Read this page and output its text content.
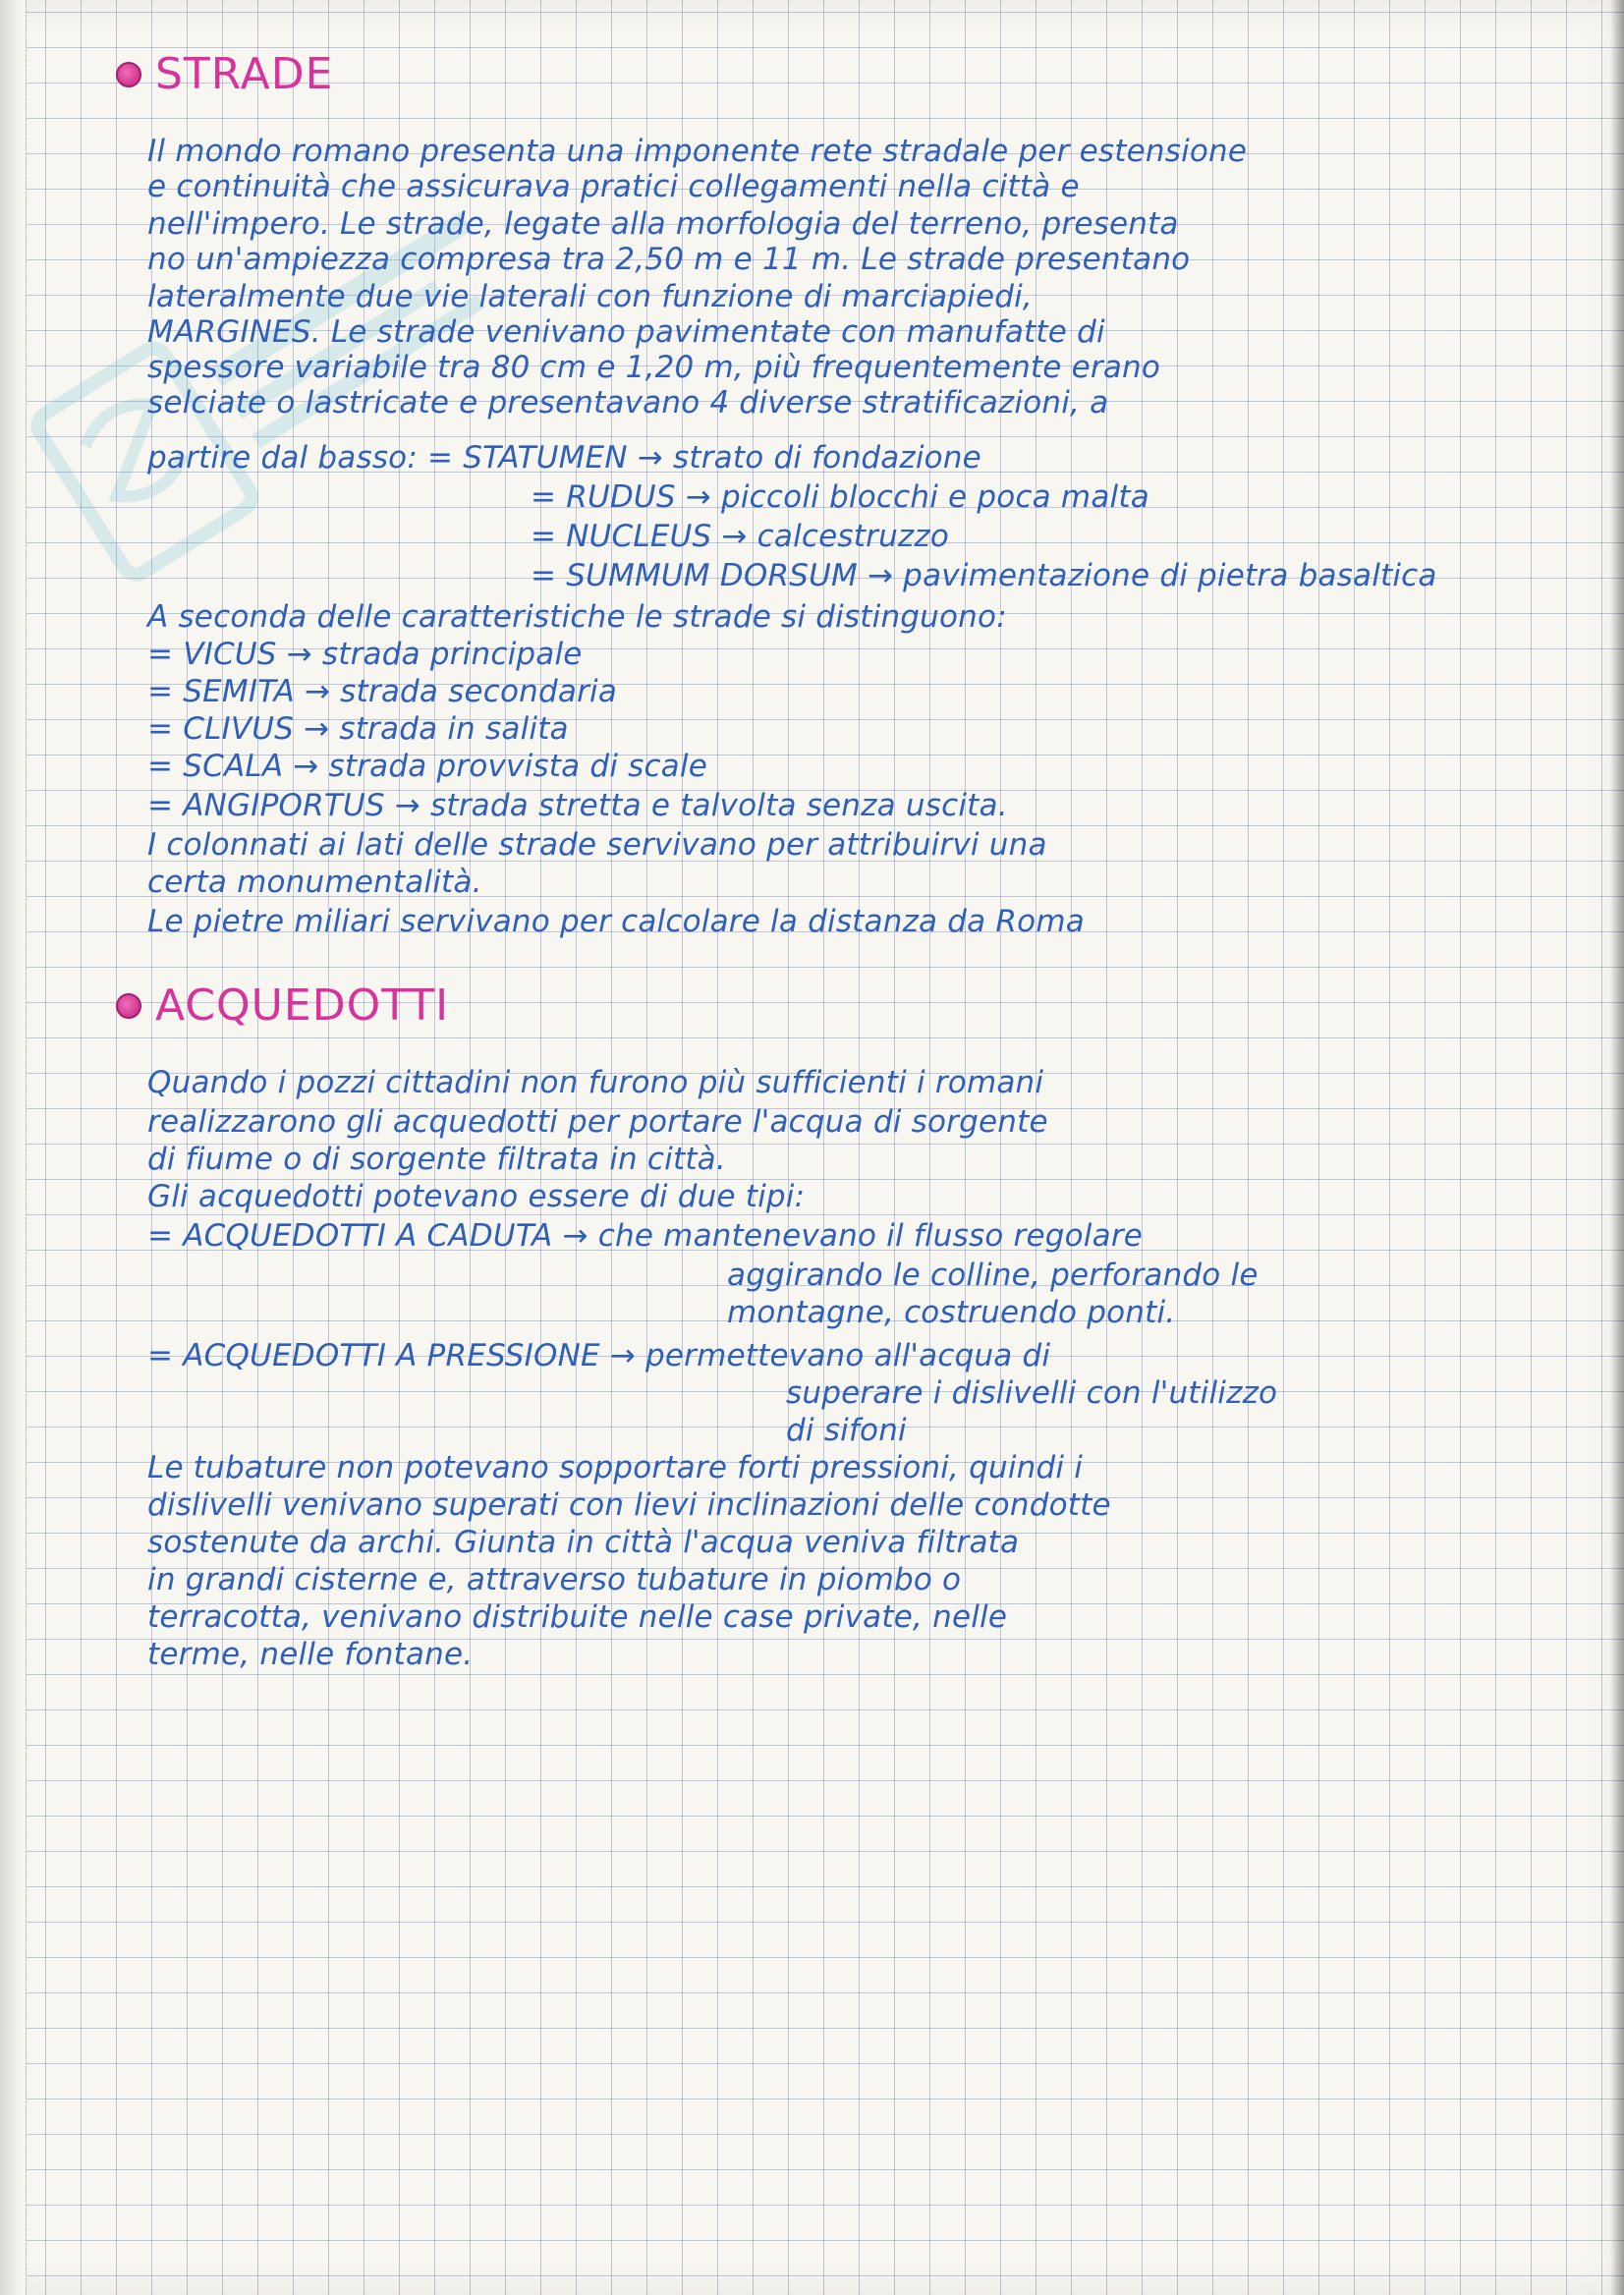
STRADE
Il mondo romano presenta una imponente rete stradale per estensione
e continuità che assicurava pratici collegamenti nella città e
nell'impero. Le strade, legate alla morfologia del terreno, presenta
no un'ampiezza compresa tra 2,50 m e 11 m. Le strade presentano
lateralmente due vie laterali con funzione di marciapiedi,
MARGINES. Le strade venivano pavimentate con manufatte di
spessore variabile tra 80 cm e 1,20 m, più frequentemente erano
selciate o lastricate e presentavano 4 diverse stratificazioni, a
partire dal basso: = STATUMEN → strato di fondazione
= RUDUS → piccoli blocchi e poca malta
= NUCLEUS → calcestruzzo
= SUMMUM DORSUM → pavimentazione di pietra basaltica
A seconda delle caratteristiche le strade si distinguono:
= VICUS → strada principale
= SEMITA → strada secondaria
= CLIVUS → strada in salita
= SCALA → strada provvista di scale
= ANGIPORTUS → strada stretta e talvolta senza uscita.
I colonnati ai lati delle strade servivano per attribuirvi una
certa monumentalità.
Le pietre miliari servivano per calcolare la distanza da Roma
ACQUEDOTTI
Quando i pozzi cittadini non furono più sufficienti i romani
realizzarono gli acquedotti per portare l'acqua di sorgente
di fiume o di sorgente filtrata in città.
Gli acquedotti potevano essere di due tipi:
= ACQUEDOTTI A CADUTA → che mantenevano il flusso regolare
aggirando le colline, perforando le
montagne, costruendo ponti.
= ACQUEDOTTI A PRESSIONE → permettevano all'acqua di
superare i dislivelli con l'utilizzo
di sifoni
Le tubature non potevano sopportare forti pressioni, quindi i
dislivelli venivano superati con lievi inclinazioni delle condotte
sostenute da archi. Giunta in città l'acqua veniva filtrata
in grandi cisterne e, attraverso tubature in piombo o
terracotta, venivano distribuite nelle case private, nelle
terme, nelle fontane.
